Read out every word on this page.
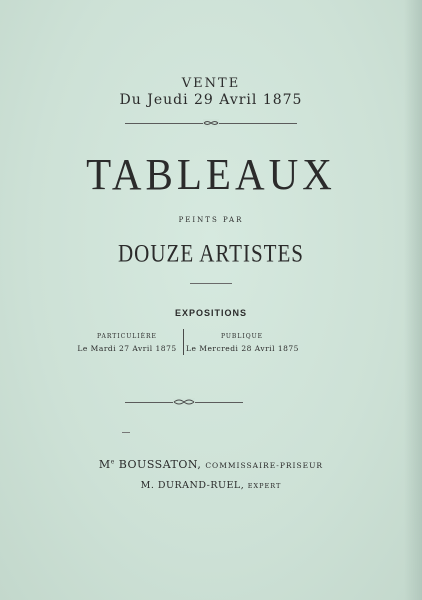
VENTE
Du Jeudi 29 Avril 1875
TABLEAUX
PEINTS PAR
DOUZE ARTISTES
EXPOSITIONS
PARTICULIÈRE
Le Mardi 27 Avril 1875
PUBLIQUE
Le Mercredi 28 Avril 1875
Me BOUSSATON, COMMISSAIRE-PRISEUR
M. DURAND-RUEL, EXPERT
